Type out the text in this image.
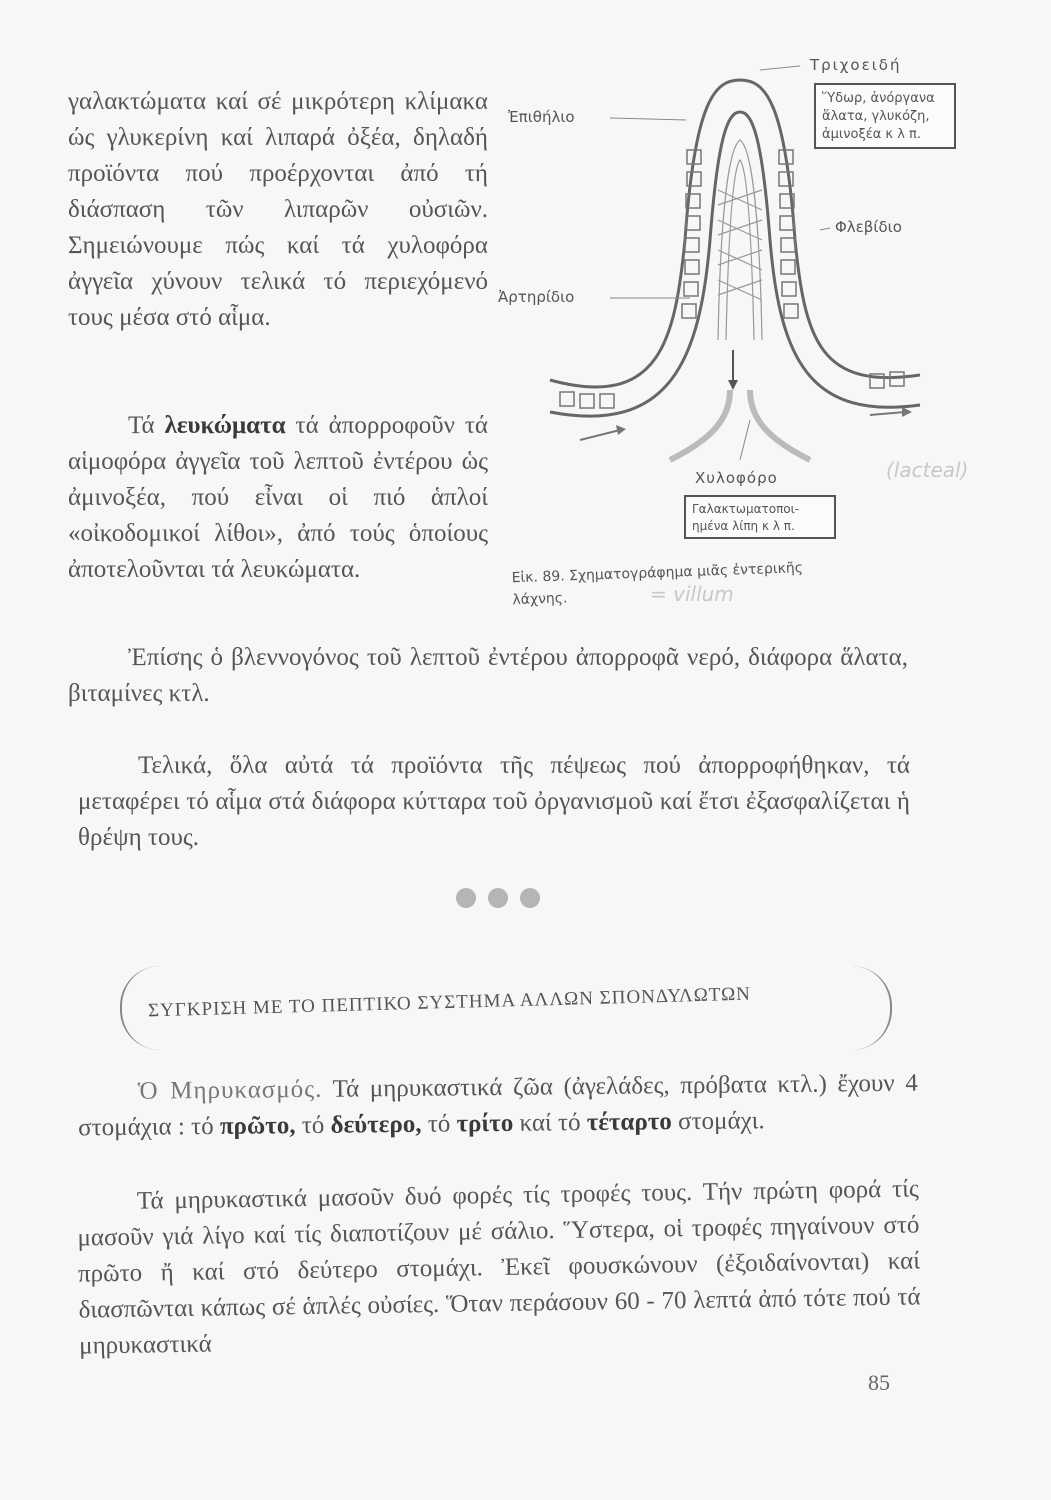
γαλακτώματα καί σέ μικρότερη κλίμακα ώς γλυκερίνη καί λιπαρά ὀξέα, δηλαδή προϊόντα πού προέρχονται ἀπό τή διάσπαση τῶν λιπαρῶν οὐσιῶν. Σημειώνουμε πώς καί τά χυλοφόρα ἀγγεῖα χύνουν τελικά τό περιεχόμενό τους μέσα στό αἷμα.

Τά λευκώματα τά ἀπορροφοῦν τά αἱμοφόρα ἀγγεῖα τοῦ λεπτοῦ ἐντέρου ὡς ἀμινοξέα, πού εἶναι οἱ πιό ἁπλοί «οἰκοδομικοί λίθοι», ἀπό τούς ὁποίους ἀποτελοῦνται τά λευκώματα.

Τριχοειδή
Ἐπιθήλιο
Ἀρτηρίδιο
Φλεβίδιο
Χυλοφόρο
Ὕδωρ, ἀνόργανα
ἅλατα, γλυκόζη,
ἀμινοξέα κ λ π.
Γαλακτωματοποι-
ημένα λίπη κ λ π.
(lacteal)
= villum
Εἰκ. 89. Σχηματογράφημα μιᾶς ἐντερικῆς λάχνης.

Ἐπίσης ὁ βλεννογόνος τοῦ λεπτοῦ ἐντέρου ἀπορροφᾶ νερό, διάφορα ἅλατα, βιταμίνες κτλ.

Τελικά, ὅλα αὐτά τά προϊόντα τῆς πέψεως πού ἀπορροφήθηκαν, τά μεταφέρει τό αἷμα στά διάφορα κύτταρα τοῦ ὀργανισμοῦ καί ἔτσι ἐξασφαλίζεται ἡ θρέψη τους.

ΣΥΓΚΡΙΣΗ ΜΕ ΤΟ ΠΕΠΤΙΚΟ ΣΥΣΤΗΜΑ ΑΛΛΩΝ ΣΠΟΝΔΥΛΩΤΩΝ

Ὁ Μηρυκασμός. Τά μηρυκαστικά ζῶα (ἀγελάδες, πρόβατα κτλ.) ἔχουν 4 στομάχια : τό πρῶτο, τό δεύτερο, τό τρίτο καί τό τέταρτο στομάχι.

Τά μηρυκαστικά μασοῦν δυό φορές τίς τροφές τους. Τήν πρώτη φορά τίς μασοῦν γιά λίγο καί τίς διαποτίζουν μέ σάλιο. Ὕστερα, οἱ τροφές πηγαίνουν στό πρῶτο ἤ καί στό δεύτερο στομάχι. Ἐκεῖ φουσκώνουν (ἐξοιδαίνονται) καί διασπῶνται κάπως σέ ἁπλές οὐσίες. Ὅταν περάσουν 60 - 70 λεπτά ἀπό τότε πού τά μηρυκαστικά

85
